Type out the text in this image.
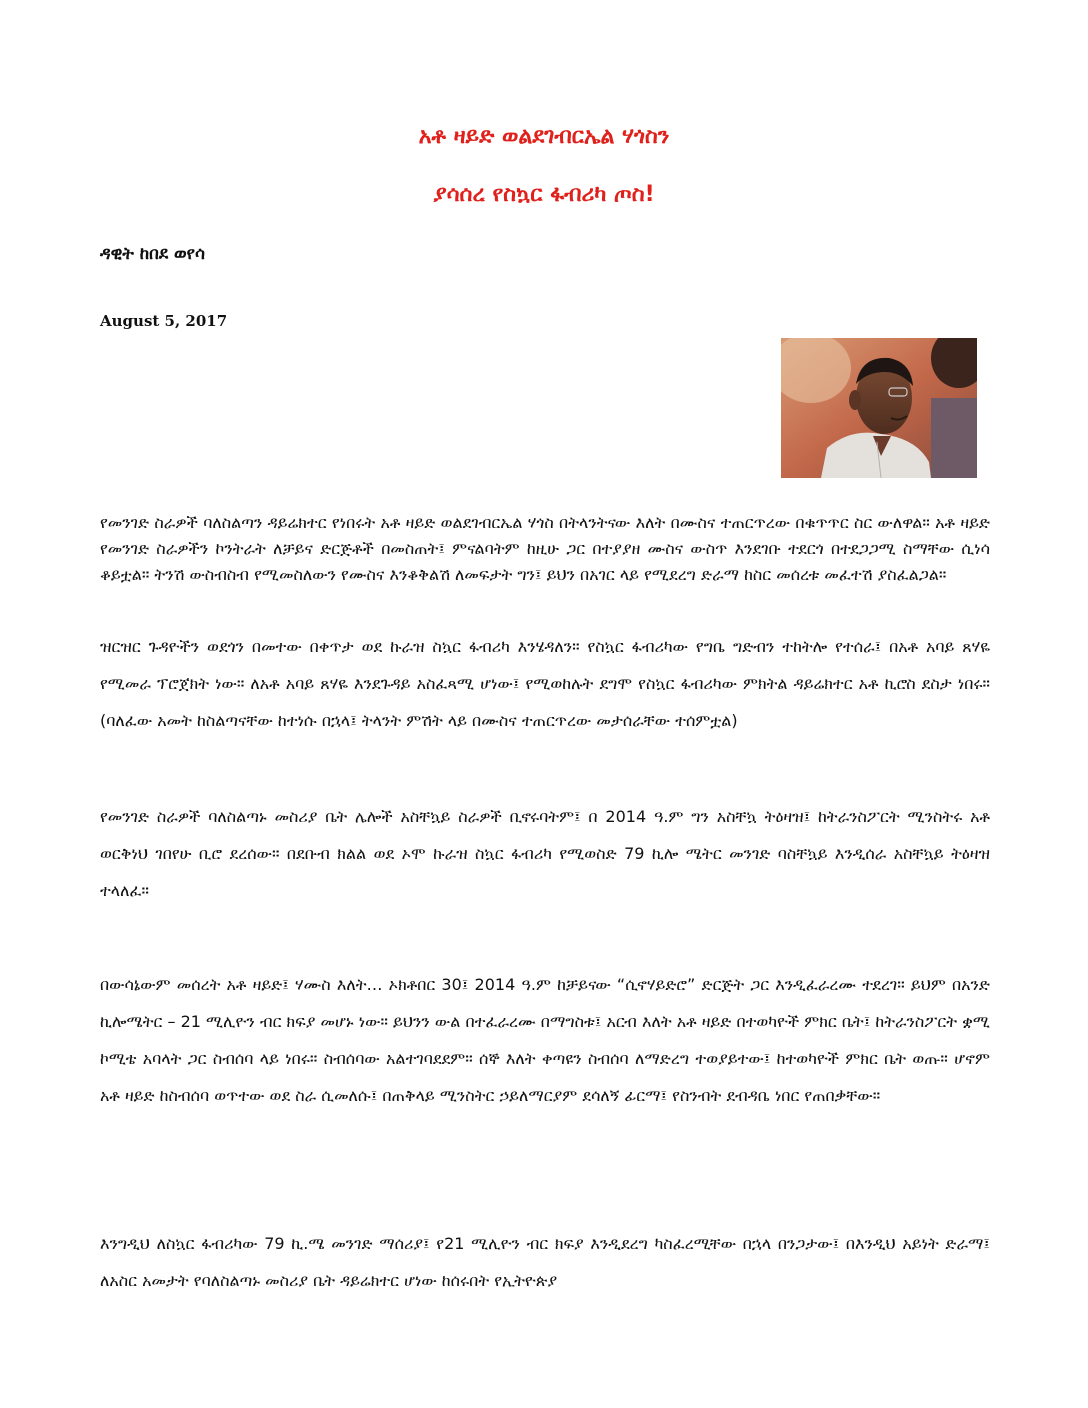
አቶ ዛይድ ወልደገብርኤል ሃጎስን
ያሳሰረ የስኳር ፋብሪካ ጦስ!

ዳዊት ከበደ ወየሳ

August 5, 2017

የመንገድ ስራዎች ባለስልጣን ዳይሬክተር የነበሩት አቶ ዛይድ ወልደገብርኤል ሃጎስ በትላንትናው እለት በሙስና ተጠርጥረው በቁጥጥር ስር ውለዋል። አቶ ዛይድ የመንገድ ስራዎችን ኮንትራት ለቻይና ድርጅቶች በመስጠት፤ ምናልባትም ከዚሁ ጋር በተያያዘ ሙስና ውስጥ እንደገቡ ተደርጎ በተደጋጋሚ ስማቸው ሲነሳ ቆይቷል። ትንሽ ውስብስብ የሚመስለውን የሙስና እንቆቅልሽ ለመፍታት ግን፤ ይህን በአገር ላይ የሚደረግ ድራማ ከስር መሰረቱ መፈተሽ ያስፈልጋል።

ዝርዝር ጉዳዮችን ወደጎን በመተው በቀጥታ ወደ ኩራዝ ስኳር ፋብሪካ እንሄዳለን። የስኳር ፋብሪካው የግቤ ግድብን ተከትሎ የተሰራ፤ በአቶ አባይ ጸሃዬ የሚመራ ፕሮጀክት ነው። ለአቶ አባይ ጸሃዬ እንደጉዳይ አስፈጻሚ ሆነው፤ የሚወከሉት ደግሞ የስኳር ፋብሪካው ምክትል ዳይሬክተር አቶ ኪሮስ ደስታ ነበሩ። (ባለፈው አመት ከስልጣናቸው ከተነሱ በኋላ፤ ትላንት ምሽት ላይ በሙስና ተጠርጥረው መታሰራቸው ተሰምቷል)

የመንገድ ስራዎች ባለስልጣኑ መስሪያ ቤት ሌሎች አስቸኳይ ስራዎች ቢኖሩባትም፤ በ 2014 ዓ.ም ግን አስቸኳ ትዕዛዝ፤ ከትራንስፖርት ሚንስትሩ አቶ ወርቅነህ ገበየሁ ቢሮ ደረሰው። በደቡብ ክልል ወደ ኦሞ ኩራዝ ስኳር ፋብሪካ የሚወስድ 79 ኪሎ ሜትር መንገድ ባስቸኳይ እንዲሰራ አስቸኳይ ትዕዛዝ ተላለፈ።

በውሳኔውም መሰረት አቶ ዛይድ፤ ሃሙስ እለት… ኦክቶበር 30፤ 2014 ዓ.ም ከቻይናው “ሲኖሃይድሮ” ድርጅት ጋር እንዲፈራረሙ ተደረገ። ይህም በአንድ ኪሎሜትር – 21 ሚሊዮን ብር ክፍያ መሆኑ ነው። ይህንን ውል በተፈራረሙ በማግስቱ፤ አርብ እለት አቶ ዛይድ በተወካዮች ምክር ቤት፤ ከትራንስፖርት ቋሚ ኮሚቴ አባላት ጋር ስብሰባ ላይ ነበሩ። ስብሰባው አልተገባደደም። ሰኞ እለት ቀጣዩን ስብሰባ ለማድረግ ተወያይተው፤ ከተወካዮች ምክር ቤት ወጡ። ሆኖም አቶ ዛይድ ከስብሰባ ወጥተው ወደ ስራ ሲመለሱ፤ በጠቅላይ ሚንስትር ኃይለማርያም ደሳለኝ ፊርማ፤ የስንብት ደብዳቤ ነበር የጠበቃቸው።

እንግዲህ ለስኳር ፋብሪካው 79 ኪ.ሜ መንገድ ማሰሪያ፤ የ21 ሚሊዮን ብር ክፍያ እንዲደረግ ካስፈረሚቸው በኋላ በንጋታው፤ በእንዲህ አይነት ድራማ፤ ለአስር አመታት የባለስልጣኑ መስሪያ ቤት ዳይሬክተር ሆነው ከሰሩበት የኢትዮጵያ
